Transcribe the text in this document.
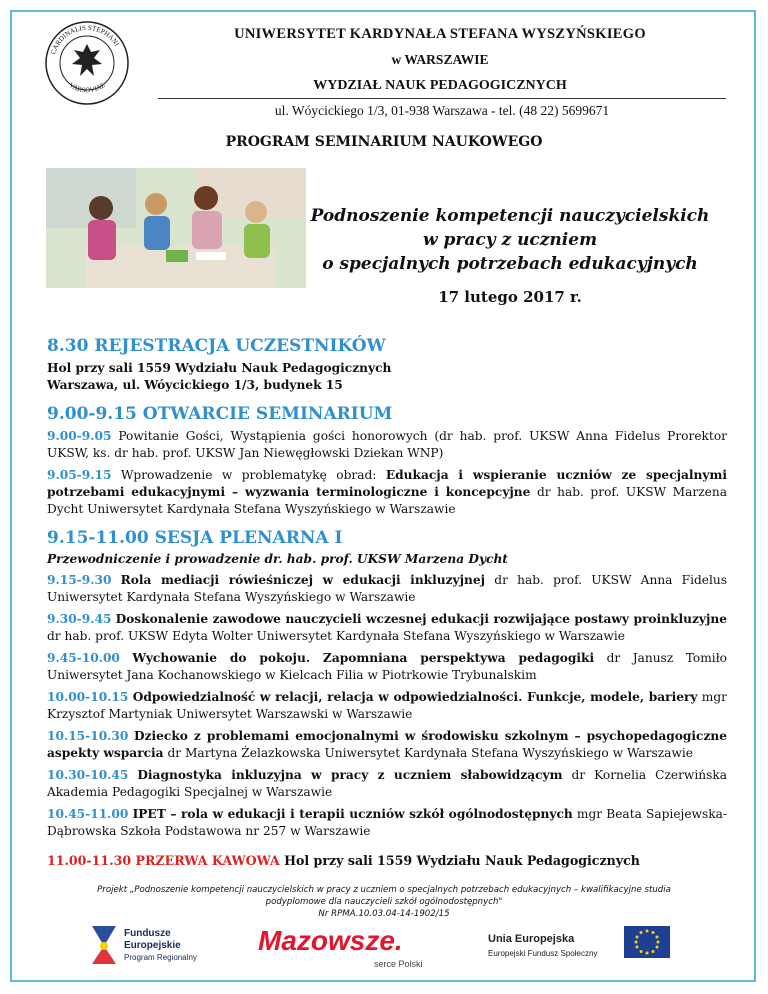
CARDINALIS STEPHANI
VARSOVIAE
UNIWERSYTET KARDYNAŁA STEFANA WYSZYŃSKIEGO
w WARSZAWIE
WYDZIAŁ NAUK PEDAGOGICZNYCH
ul. Wóycickiego 1/3, 01-938 Warszawa - tel. (48 22) 5699671
PROGRAM SEMINARIUM NAUKOWEGO
Podnoszenie kompetencji nauczycielskich
w pracy z uczniem
o specjalnych potrzebach edukacyjnych
17 lutego 2017 r.
8.30 REJESTRACJA UCZESTNIKÓW
Hol przy sali 1559 Wydziału Nauk Pedagogicznych
Warszawa, ul. Wóycickiego 1/3, budynek 15
9.00-9.15 OTWARCIE SEMINARIUM
9.00-9.05 Powitanie Gości, Wystąpienia gości honorowych (dr hab. prof. UKSW Anna Fidelus Prorektor UKSW, ks. dr hab. prof. UKSW Jan Niewęgłowski Dziekan WNP)
9.05-9.15 Wprowadzenie w problematykę obrad: Edukacja i wspieranie uczniów ze specjalnymi potrzebami edukacyjnymi – wyzwania terminologiczne i koncepcyjne dr hab. prof. UKSW Marzena Dycht Uniwersytet Kardynała Stefana Wyszyńskiego w Warszawie
9.15-11.00 SESJA PLENARNA I
Przewodniczenie i prowadzenie dr. hab. prof. UKSW Marzena Dycht
9.15-9.30 Rola mediacji rówieśniczej w edukacji inkluzyjnej dr hab. prof. UKSW Anna Fidelus Uniwersytet Kardynała Stefana Wyszyńskiego w Warszawie
9.30-9.45 Doskonalenie zawodowe nauczycieli wczesnej edukacji rozwijające postawy proinkluzyjne dr hab. prof. UKSW Edyta Wolter Uniwersytet Kardynała Stefana Wyszyńskiego w Warszawie
9.45-10.00 Wychowanie do pokoju. Zapomniana perspektywa pedagogiki dr Janusz Tomiło Uniwersytet Jana Kochanowskiego w Kielcach Filia w Piotrkowie Trybunalskim
10.00-10.15 Odpowiedzialność w relacji, relacja w odpowiedzialności. Funkcje, modele, bariery mgr Krzysztof Martyniak Uniwersytet Warszawski w Warszawie
10.15-10.30 Dziecko z problemami emocjonalnymi w środowisku szkolnym – psychopedagogiczne aspekty wsparcia dr Martyna Żelazkowska Uniwersytet Kardynała Stefana Wyszyńskiego w Warszawie
10.30-10.45 Diagnostyka inkluzyjna w pracy z uczniem słabowidzącym dr Kornelia Czerwińska Akademia Pedagogiki Specjalnej w Warszawie
10.45-11.00 IPET – rola w edukacji i terapii uczniów szkół ogólnodostępnych mgr Beata Sapiejewska-Dąbrowska Szkoła Podstawowa nr 257 w Warszawie
11.00-11.30 PRZERWA KAWOWA Hol przy sali 1559 Wydziału Nauk Pedagogicznych
Projekt „Podnoszenie kompetencji nauczycielskich w pracy z uczniem o specjalnych potrzebach edukacyjnych – kwalifikacyjne studia
podyplomowe dla nauczycieli szkół ogólnodostępnych"
Nr RPMA.10.03.04-14-1902/15
Fundusze
Europejskie
Program Regionalny
Mazowsze.
serce Polski
Unia Europejska
Europejski Fundusz Społeczny
